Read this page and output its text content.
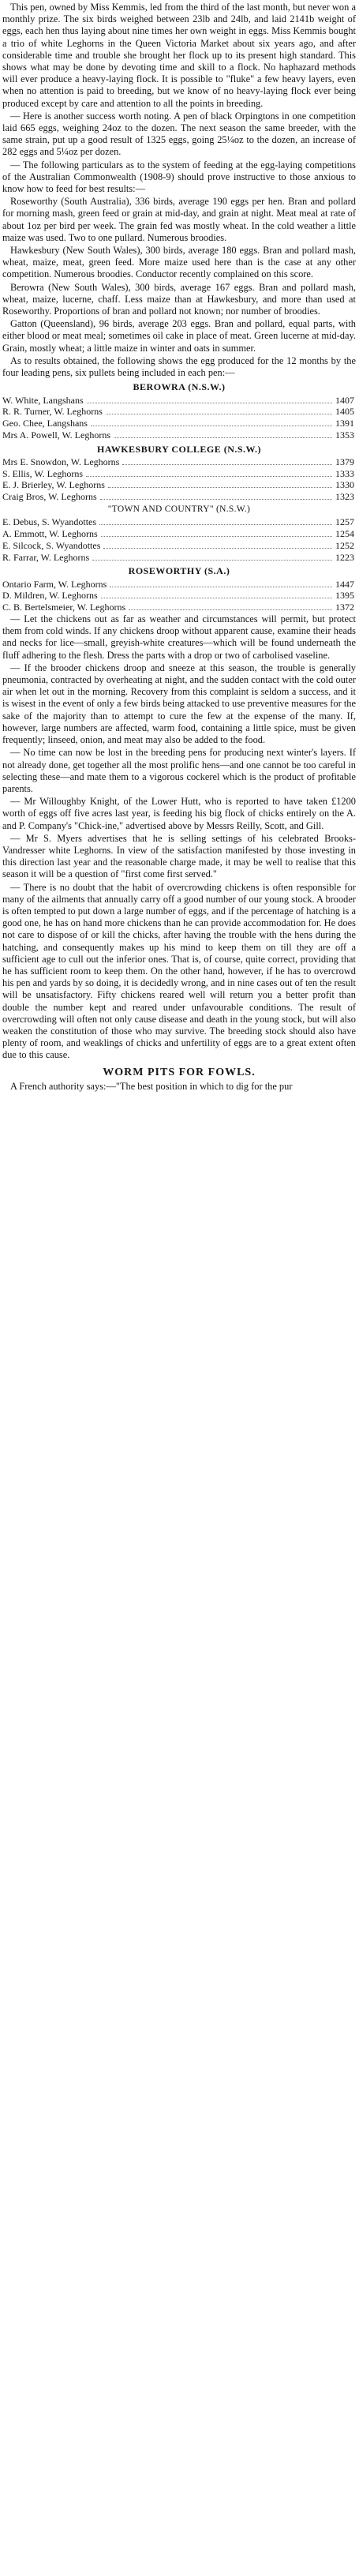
This pen, owned by Miss Kemmis, led from the third of the last month, but never won a monthly prize. The six birds weighed between 23lb and 24lb, and laid 2141b weight of eggs, each hen thus laying about nine times her own weight in eggs. Miss Kemmis bought a trio of white Leghorns in the Queen Victoria Market about six years ago, and after considerable time and trouble she brought her flock up to its present high standard. This shows what may be done by devoting time and skill to a flock. No haphazard methods will ever produce a heavy-laying flock. It is possible to "fluke" a few heavy layers, even when no attention is paid to breeding, but we know of no heavy-laying flock ever being produced except by care and attention to all the points in breeding.

— Here is another success worth noting. A pen of black Orpingtons in one competition laid 665 eggs, weighing 24oz to the dozen. The next season the same breeder, with the same strain, put up a good result of 1325 eggs, going 25¼oz to the dozen, an increase of 282 eggs and 5¼oz per dozen.

— The following particulars as to the system of feeding at the egg-laying competitions of the Australian Commonwealth (1908-9) should prove instructive to those anxious to know how to feed for best results:—

Roseworthy (South Australia), 336 birds, average 190 eggs per hen. Bran and pollard for morning mash, green feed or grain at mid-day, and grain at night. Meat meal at rate of about 1oz per bird per week. The grain fed was mostly wheat. In the cold weather a little maize was used. Two to one pullard. Numerous broodies.

Hawkesbury (New South Wales), 300 birds, average 180 eggs. Bran and pollard mash, wheat, maize, meat, green feed. More maize used here than is the case at any other competition. Numerous broodies. Conductor recently complained on this score.

Berowra (New South Wales), 300 birds, average 167 eggs. Bran and pollard mash, wheat, maize, lucerne, chaff. Less maize than at Hawkesbury, and more than used at Roseworthy. Proportions of bran and pollard not known; nor number of broodies.

Gatton (Queensland), 96 birds, average 203 eggs. Bran and pollard, equal parts, with either blood or meat meal; sometimes oil cake in place of meat. Green lucerne at mid-day. Grain, mostly wheat; a little maize in winter and oats in summer.

As to results obtained, the following shows the egg produced for the 12 months by the four leading pens, six pullets being included in each pen:—

BEROWRA (N.S.W.)
W. White, Langshans	1407
R. R. Turner, W. Leghorns	1405
Geo. Chee, Langshans	1391
Mrs A. Powell, W. Leghorns	1353
HAWKESBURY COLLEGE (N.S.W.)
Mrs E. Snowdon, W. Leghorns	1379
S. Ellis, W. Leghorns	1333
E. J. Brierley, W. Leghorns	1330
Craig Bros, W. Leghorns	1323
"TOWN AND COUNTRY" (N.S.W.)
E. Debus, S. Wyandottes	1257
A. Emmott, W. Leghorns	1254
E. Silcock, S. Wyandottes	1252
R. Farrar, W. Leghorns	1223
ROSEWORTHY (S.A.)
Ontario Farm, W. Leghorns	1447
D. Mildren, W. Leghorns	1395
C. B. Bertelsmeier, W. Leghorns	1372

— Let the chickens out as far as weather and circumstances will permit, but protect them from cold winds. If any chickens droop without apparent cause, examine their heads and necks for lice—small, greyish-white creatures—which will be found underneath the fluff adhering to the flesh. Dress the parts with a drop or two of carbolised vaseline.

— If the brooder chickens droop and sneeze at this season, the trouble is generally pneumonia, contracted by overheating at night, and the sudden contact with the cold outer air when let out in the morning. Recovery from this complaint is seldom a success, and it is wisest in the event of only a few birds being attacked to use preventive measures for the sake of the majority than to attempt to cure the few at the expense of the many. If, however, large numbers are affected, warm food, containing a little spice, must be given frequently; linseed, onion, and meat may also be added to the food.

— No time can now be lost in the breeding pens for producing next winter's layers. If not already done, get together all the most prolific hens—and one cannot be too careful in selecting these—and mate them to a vigorous cockerel which is the product of profitable parents.

— Mr Willoughby Knight, of the Lower Hutt, who is reported to have taken £1200 worth of eggs off five acres last year, is feeding his big flock of chicks entirely on the A. and P. Company's "Chick-ine," advertised above by Messrs Reilly, Scott, and Gill.

— Mr S. Myers advertises that he is selling settings of his celebrated Brooks-Vandresser white Leghorns. In view of the satisfaction manifested by those investing in this direction last year and the reasonable charge made, it may be well to realise that this season it will be a question of "first come first served."

— There is no doubt that the habit of overcrowding chickens is often responsible for many of the ailments that annually carry off a good number of our young stock. A brooder is often tempted to put down a large number of eggs, and if the percentage of hatching is a good one, he has on hand more chickens than he can provide accommodation for. He does not care to dispose of or kill the chicks, after having the trouble with the hens during the hatching, and consequently makes up his mind to keep them on till they are off a sufficient age to cull out the inferior ones. That is, of course, quite correct, providing that he has sufficient room to keep them. On the other hand, however, if he has to overcrowd his pen and yards by so doing, it is decidedly wrong, and in nine cases out of ten the result will be unsatisfactory. Fifty chickens reared well will return you a better profit than double the number kept and reared under unfavourable conditions. The result of overcrowding will often not only cause disease and death in the young stock, but will also weaken the constitution of those who may survive. The breeding stock should also have plenty of room, and weaklings of chicks and unfertility of eggs are to a great extent often due to this cause.

WORM PITS FOR FOWLS.

A French authority says:—"The best position in which to dig for the pur
